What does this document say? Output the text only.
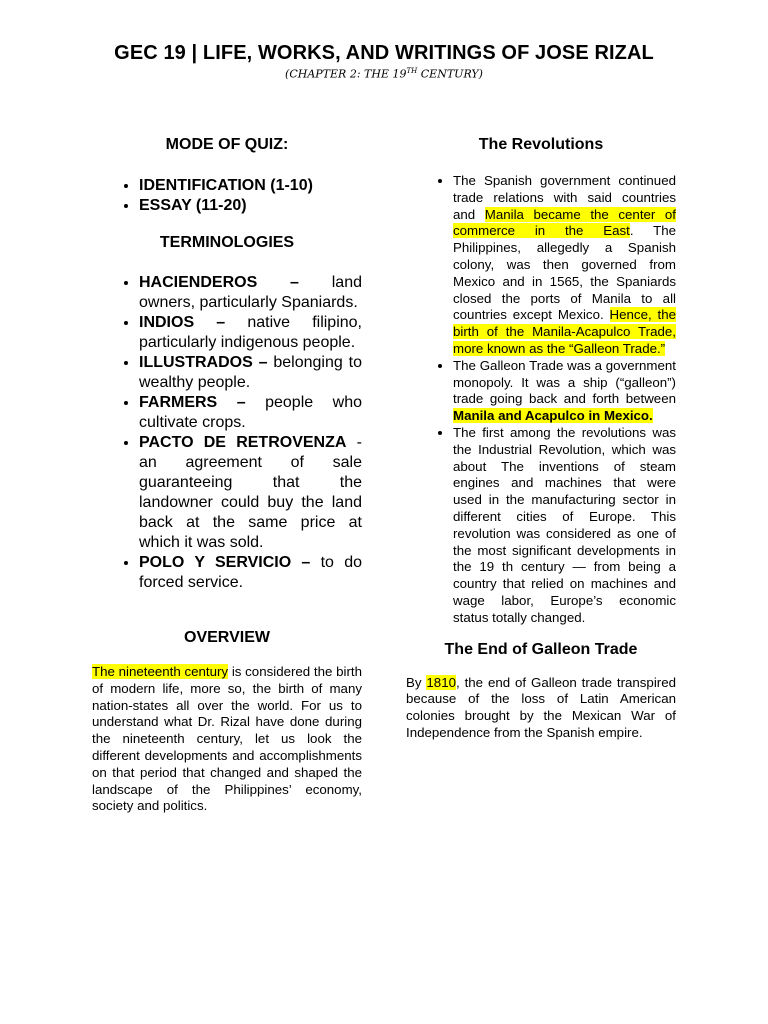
GEC 19 | LIFE, WORKS, AND WRITINGS OF JOSE RIZAL
(CHAPTER 2: THE 19TH CENTURY)
MODE OF QUIZ:
• IDENTIFICATION (1-10)
• ESSAY (11-20)
TERMINOLOGIES
• HACIENDEROS – land owners, particularly Spaniards.
• INDIOS – native filipino, particularly indigenous people.
• ILLUSTRADOS – belonging to wealthy people.
• FARMERS – people who cultivate crops.
• PACTO DE RETROVENZA - an agreement of sale guaranteeing that the landowner could buy the land back at the same price at which it was sold.
• POLO Y SERVICIO – to do forced service.
OVERVIEW
The nineteenth century is considered the birth of modern life, more so, the birth of many nation-states all over the world. For us to understand what Dr. Rizal have done during the nineteenth century, let us look the different developments and accomplishments on that period that changed and shaped the landscape of the Philippines’ economy, society and politics.
The Revolutions
• The Spanish government continued trade relations with said countries and Manila became the center of commerce in the East. The Philippines, allegedly a Spanish colony, was then governed from Mexico and in 1565, the Spaniards closed the ports of Manila to all countries except Mexico. Hence, the birth of the Manila-Acapulco Trade, more known as the “Galleon Trade.”
• The Galleon Trade was a government monopoly. It was a ship (“galleon”) trade going back and forth between Manila and Acapulco in Mexico.
• The first among the revolutions was the Industrial Revolution, which was about The inventions of steam engines and machines that were used in the manufacturing sector in different cities of Europe. This revolution was considered as one of the most significant developments in the 19 th century — from being a country that relied on machines and wage labor, Europe’s economic status totally changed.
The End of Galleon Trade
By 1810, the end of Galleon trade transpired because of the loss of Latin American colonies brought by the Mexican War of Independence from the Spanish empire.
